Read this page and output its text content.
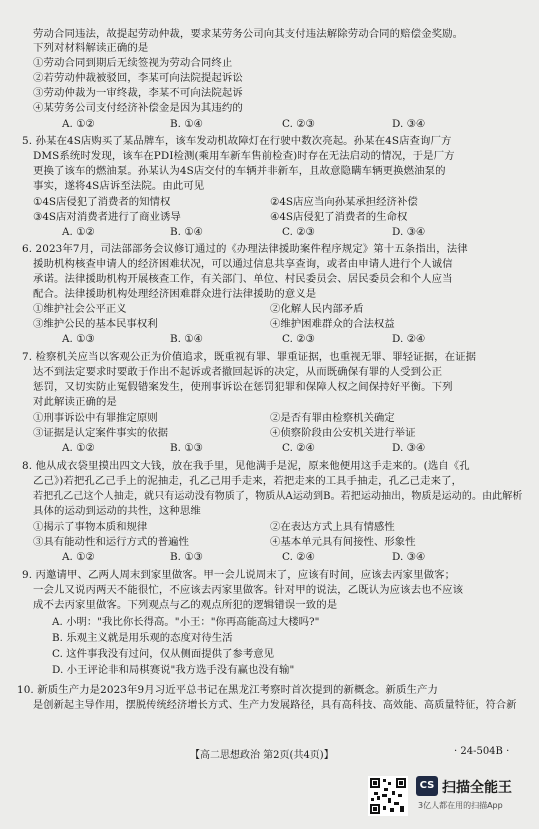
劳动合同违法，故提起劳动仲裁，要求某劳务公司向其支付违法解除劳动合同的赔偿金奖励。
下列对材料解读正确的是
①劳动合同到期后无续签视为劳动合同终止
②若劳动仲裁被驳回，李某可向法院提起诉讼
③劳动仲裁为一审终裁，李某不可向法院起诉
④某劳务公司支付经济补偿金是因为其违约的
A. ①②	B. ①④	C. ②③	D. ③④
5. 孙某在4S店购买了某品牌车，该车发动机故障灯在行驶中数次亮起。孙某在4S店查询厂方
DMS系统时发现，该车在PDI检测(乘用车新车售前检查)时存在无法启动的情况，于是厂方
更换了该车的燃油泵。孙某认为4S店交付的车辆并非新车，且故意隐瞒车辆更换燃油泵的
事实，遂将4S店诉至法院。由此可见
①4S店侵犯了消费者的知情权	②4S店应当向孙某承担经济补偿
③4S店对消费者进行了商业诱导	④4S店侵犯了消费者的生命权
A. ①②	B. ①④	C. ②③	D. ③④
6. 2023年7月，司法部部务会议修订通过的《办理法律援助案件程序规定》第十五条指出，法律
援助机构核查申请人的经济困难状况，可以通过信息共享查询，或者由申请人进行个人诚信
承诺。法律援助机构开展核查工作，有关部门、单位、村民委员会、居民委员会和个人应当
配合。法律援助机构处理经济困难群众进行法律援助的意义是
①维护社会公平正义	②化解人民内部矛盾
③维护公民的基本民事权利	④维护困难群众的合法权益
A. ①③	B. ①④	C. ②③	D. ②④
7. 检察机关应当以客观公正为价值追求，既重视有罪、罪重证据，也重视无罪、罪轻证据，在证据
达不到法定要求时要敢于作出不起诉或者撤回起诉的决定，从而既确保有罪的人受到公正
惩罚，又切实防止冤假错案发生，使刑事诉讼在惩罚犯罪和保障人权之间保持好平衡。下列
对此解读正确的是
①刑事诉讼中有罪推定原则	②是否有罪由检察机关确定
③证据是认定案件事实的依据	④侦察阶段由公安机关进行举证
A. ①②	B. ①③	C. ②④	D. ③④
8. 他从成衣袋里摸出四文大钱，放在我手里，见他满手是泥，原来他便用这手走来的。(选自《孔
乙己》)若把孔乙己手上的泥抽走，孔乙己用手走来，若把走来的工具手抽走，孔乙己走来了，
若把孔乙己这个人抽走，就只有运动没有物质了，物质从A运动到B。若把运动抽出，物质是运动的。由此解析
具体的运动到运动的共性，这种思维
①揭示了事物本质和规律	②在表达方式上具有情感性
③具有能动性和运行方式的普遍性	④基本单元具有间接性、形象性
A. ①②	B. ①③	C. ②④	D. ③④
9. 丙邀请甲、乙两人周末到家里做客。甲一会儿说周末了，应该有时间，应该去丙家里做客；
一会儿又说丙两天不能很忙，不应该去丙家里做客。针对甲的说法，乙既认为应该去也不应该
成不去丙家里做客。下列观点与乙的观点所犯的逻辑错误一致的是
A. 小明："我比你长得高。"小王："你再高能高过大楼吗?"
B. 乐观主义就是用乐观的态度对待生活
C. 这件事我没有过问，仅从侧面提供了参考意见
D. 小王评论非和局棋赛说"我方选手没有赢也没有输"
10. 新质生产力是2023年9月习近平总书记在黑龙江考察时首次提到的新概念。新质生产力
是创新起主导作用，摆脱传统经济增长方式、生产力发展路径，具有高科技、高效能、高质量特征，符合新
【高二思想政治 第2页(共4页)】	· 24-504B ·
CS 扫描全能王
3亿人都在用的扫描App
